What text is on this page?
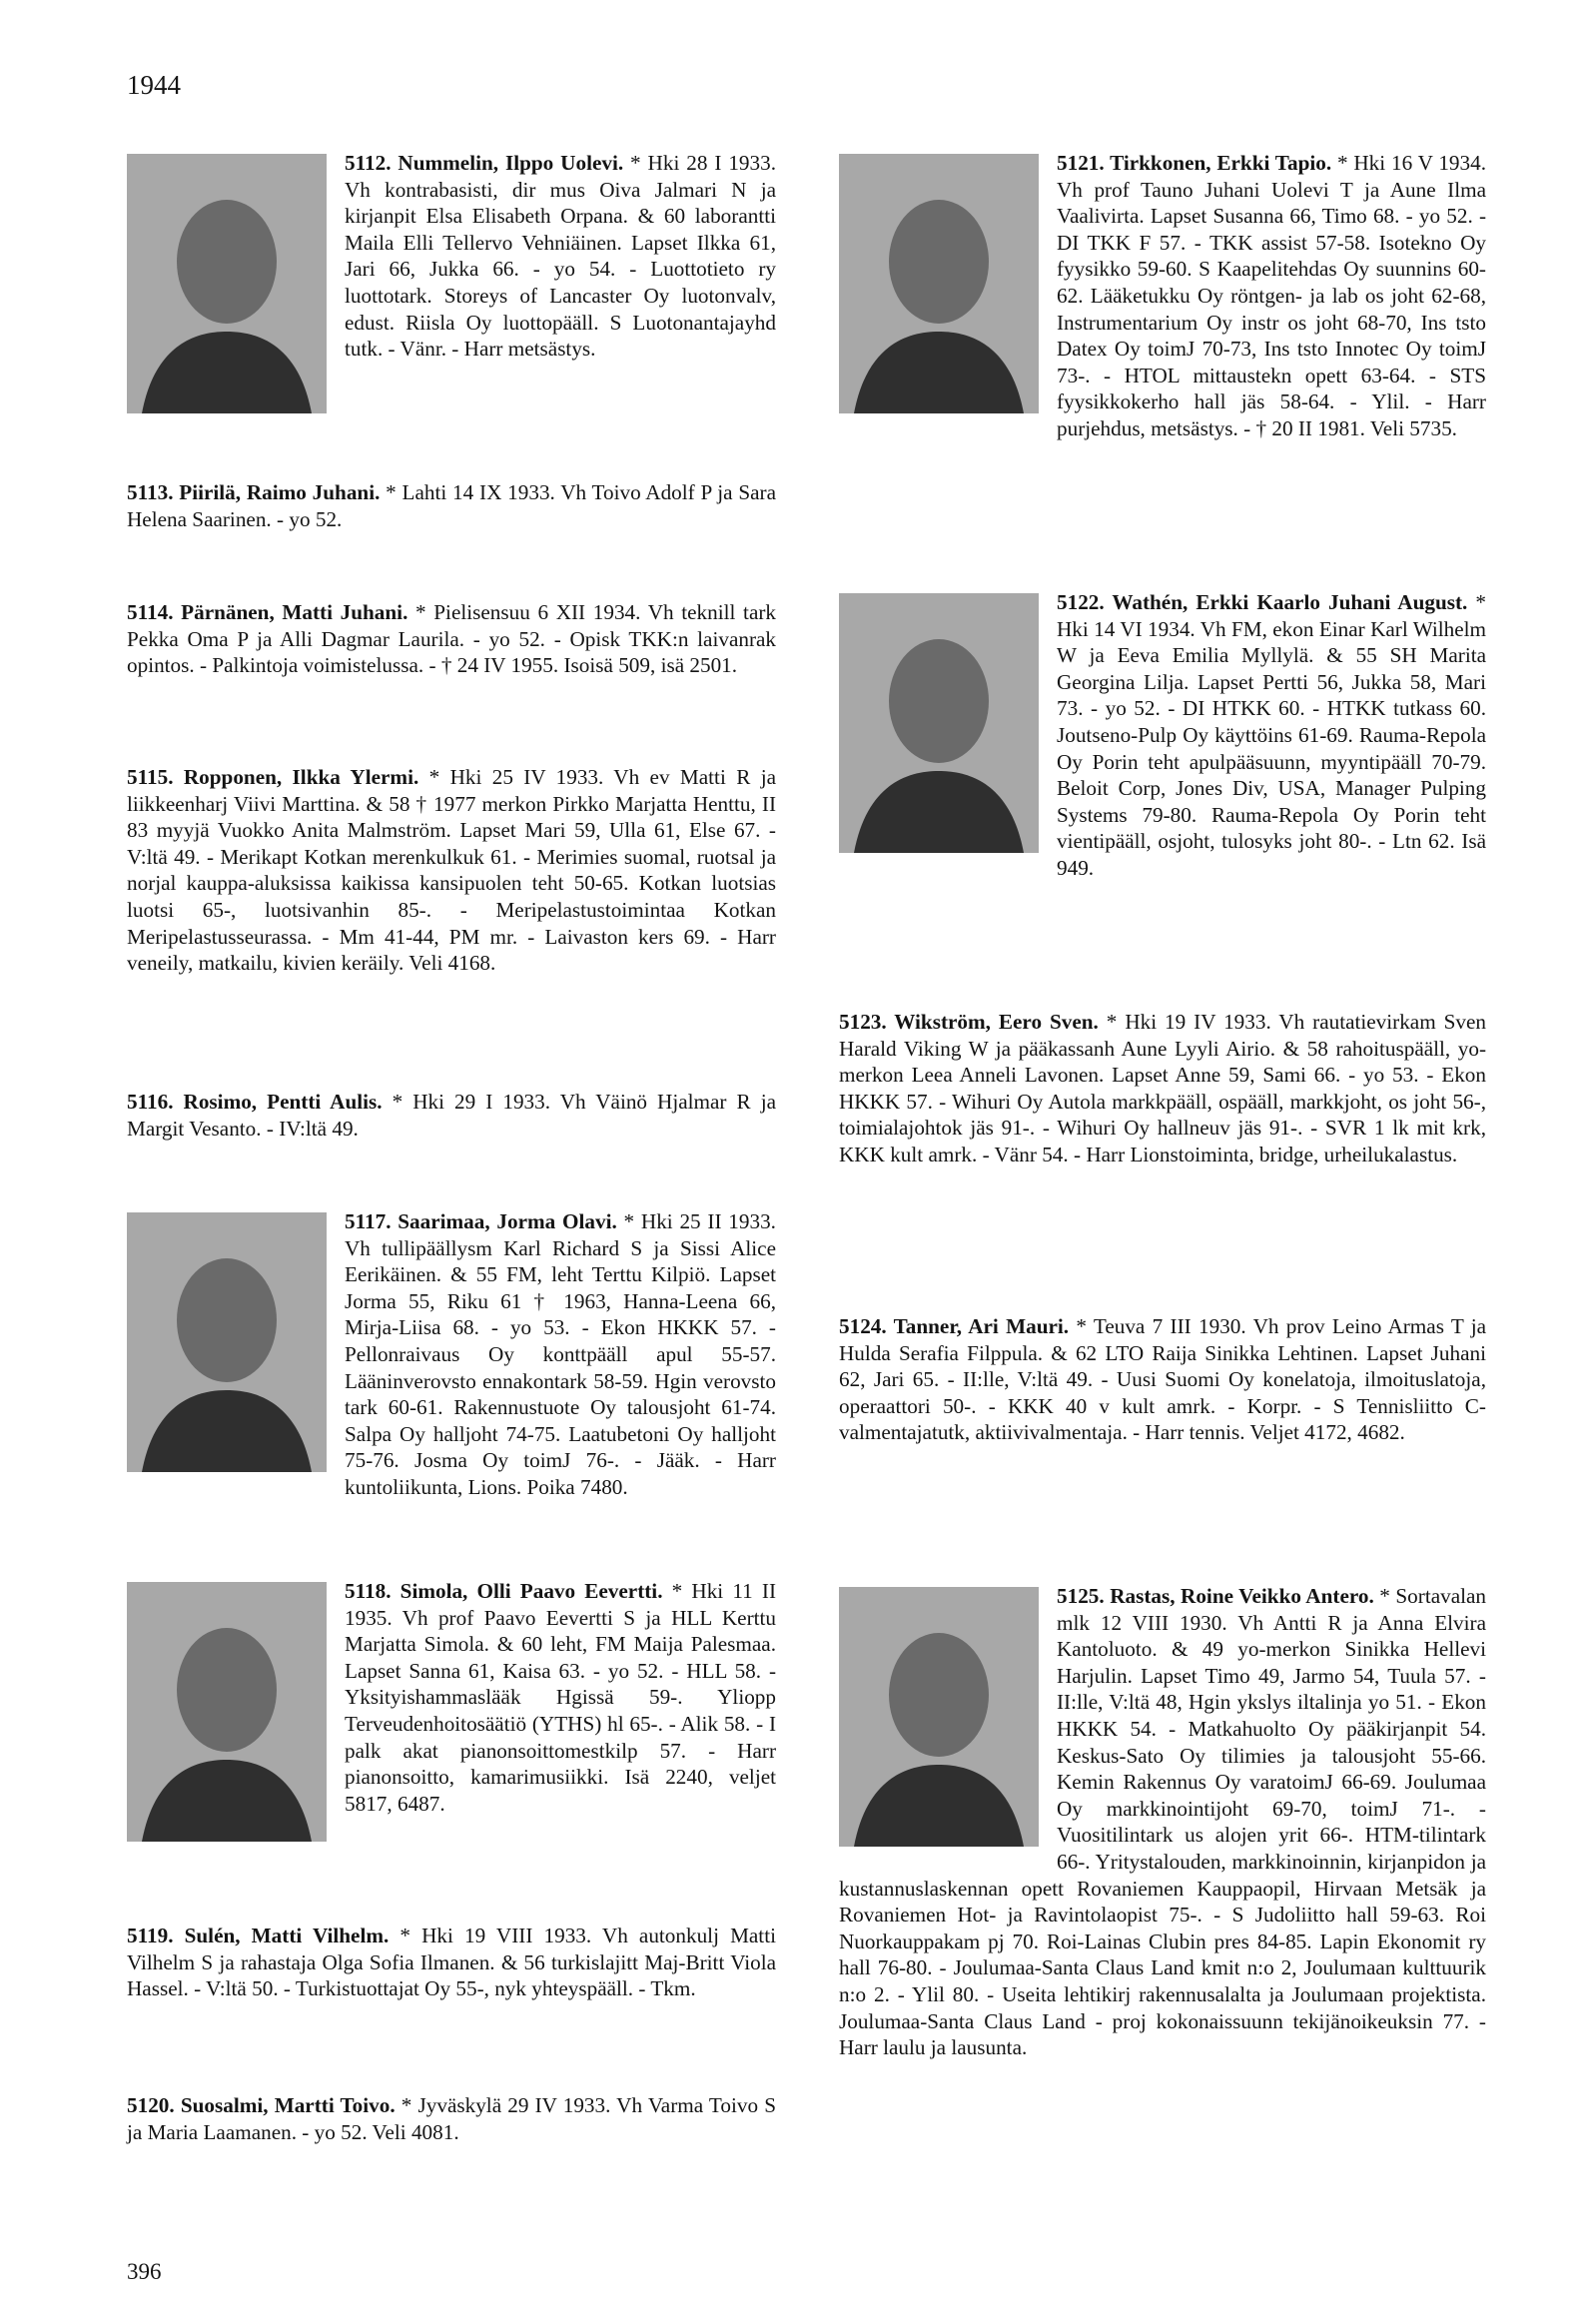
1944
5112. Nummelin, Ilppo Uolevi. * Hki 28 I 1933. Vh kontrabasisti, dir mus Oiva Jalmari N ja kirjanpit Elsa Elisabeth Orpana. & 60 laborantti Maila Elli Tellervo Vehniäinen. Lapset Ilkka 61, Jari 66, Jukka 66. - yo 54. - Luottotieto ry luottotark. Storeys of Lancaster Oy luotonvalv, edust. Riisla Oy luottopääll. S Luotonantajayhd tutk. - Vänr. - Harr metsästys.
5113. Piirilä, Raimo Juhani. * Lahti 14 IX 1933. Vh Toivo Adolf P ja Sara Helena Saarinen. - yo 52.
5114. Pärnänen, Matti Juhani. * Pielisensuu 6 XII 1934. Vh teknill tark Pekka Oma P ja Alli Dagmar Laurila. - yo 52. - Opisk TKK:n laivanrak opintos. - Palkintoja voimistelussa. - † 24 IV 1955. Isoisä 509, isä 2501.
5115. Ropponen, Ilkka Ylermi. * Hki 25 IV 1933. Vh ev Matti R ja liikkeenharj Viivi Marttina. & 58 † 1977 merkon Pirkko Marjatta Henttu, II 83 myyjä Vuokko Anita Malmström. Lapset Mari 59, Ulla 61, Else 67. - V:ltä 49. - Merikapt Kotkan merenkulkuk 61. - Merimies suomal, ruotsal ja norjal kauppa-aluksissa kaikissa kansipuolen teht 50-65. Kotkan luotsias luotsi 65-, luotsivanhin 85-. - Meripelastustoimintaa Kotkan Meripelastusseurassa. - Mm 41-44, PM mr. - Laivaston kers 69. - Harr veneily, matkailu, kivien keräily. Veli 4168.
5116. Rosimo, Pentti Aulis. * Hki 29 I 1933. Vh Väinö Hjalmar R ja Margit Vesanto. - IV:ltä 49.
5117. Saarimaa, Jorma Olavi. * Hki 25 II 1933. Vh tullipäällysm Karl Richard S ja Sissi Alice Eerikäinen. & 55 FM, leht Terttu Kilpiö. Lapset Jorma 55, Riku 61 † 1963, Hanna-Leena 66, Mirja-Liisa 68. - yo 53. - Ekon HKKK 57. - Pellonraivaus Oy konttpääll apul 55-57. Lääninverovsto ennakontark 58-59. Hgin verovsto tark 60-61. Rakennustuote Oy talousjoht 61-74. Salpa Oy halljoht 74-75. Laatubetoni Oy halljoht 75-76. Josma Oy toimJ 76-. - Jääk. - Harr kuntoliikunta, Lions. Poika 7480.
5118. Simola, Olli Paavo Eevertti. * Hki 11 II 1935. Vh prof Paavo Eevertti S ja HLL Kerttu Marjatta Simola. & 60 leht, FM Maija Palesmaa. Lapset Sanna 61, Kaisa 63. - yo 52. - HLL 58. - Yksityishammaslääk Hgissä 59-. Yliopp Terveudenhoitosäätiö (YTHS) hl 65-. - Alik 58. - I palk akat pianonsoittomestkilp 57. - Harr pianonsoitto, kamarimusiikki. Isä 2240, veljet 5817, 6487.
5119. Sulén, Matti Vilhelm. * Hki 19 VIII 1933. Vh autonkulj Matti Vilhelm S ja rahastaja Olga Sofia Ilmanen. & 56 turkislajitt Maj-Britt Viola Hassel. - V:ltä 50. - Turkistuottajat Oy 55-, nyk yhteyspääll. - Tkm.
5120. Suosalmi, Martti Toivo. * Jyväskylä 29 IV 1933. Vh Varma Toivo S ja Maria Laamanen. - yo 52. Veli 4081.
5121. Tirkkonen, Erkki Tapio. * Hki 16 V 1934. Vh prof Tauno Juhani Uolevi T ja Aune Ilma Vaalivirta. Lapset Susanna 66, Timo 68. - yo 52. - DI TKK F 57. - TKK assist 57-58. Isotekno Oy fyysikko 59-60. S Kaapelitehdas Oy suunnins 60-62. Lääketukku Oy röntgen- ja lab os joht 62-68, Instrumentarium Oy instr os joht 68-70, Ins tsto Datex Oy toimJ 70-73, Ins tsto Innotec Oy toimJ 73-. - HTOL mittaustekn opett 63-64. - STS fyysikkokerho hall jäs 58-64. - Ylil. - Harr purjehdus, metsästys. - † 20 II 1981. Veli 5735.
5122. Wathén, Erkki Kaarlo Juhani August. * Hki 14 VI 1934. Vh FM, ekon Einar Karl Wilhelm W ja Eeva Emilia Myllylä. & 55 SH Marita Georgina Lilja. Lapset Pertti 56, Jukka 58, Mari 73. - yo 52. - DI HTKK 60. - HTKK tutkass 60. Joutseno-Pulp Oy käyttöins 61-69. Rauma-Repola Oy Porin teht apulpääsuunn, myyntipääll 70-79. Beloit Corp, Jones Div, USA, Manager Pulping Systems 79-80. Rauma-Repola Oy Porin teht vientipääll, osjoht, tulosyks joht 80-. - Ltn 62. Isä 949.
5123. Wikström, Eero Sven. * Hki 19 IV 1933. Vh rautatievirkam Sven Harald Viking W ja pääkassanh Aune Lyyli Airio. & 58 rahoituspääll, yo-merkon Leea Anneli Lavonen. Lapset Anne 59, Sami 66. - yo 53. - Ekon HKKK 57. - Wihuri Oy Autola markkpääll, ospääll, markkjoht, os joht 56-, toimialajohtok jäs 91-. - Wihuri Oy hallneuv jäs 91-. - SVR 1 lk mit krk, KKK kult amrk. - Vänr 54. - Harr Lionstoiminta, bridge, urheilukalastus.
5124. Tanner, Ari Mauri. * Teuva 7 III 1930. Vh prov Leino Armas T ja Hulda Serafia Filppula. & 62 LTO Raija Sinikka Lehtinen. Lapset Juhani 62, Jari 65. - II:lle, V:ltä 49. - Uusi Suomi Oy konelatoja, ilmoituslatoja, operaattori 50-. - KKK 40 v kult amrk. - Korpr. - S Tennisliitto C-valmentajatutk, aktiivivalmentaja. - Harr tennis. Veljet 4172, 4682.
5125. Rastas, Roine Veikko Antero. * Sortavalan mlk 12 VIII 1930. Vh Antti R ja Anna Elvira Kantoluoto. & 49 yo-merkon Sinikka Hellevi Harjulin. Lapset Timo 49, Jarmo 54, Tuula 57. - II:lle, V:ltä 48, Hgin ykslys iltalinja yo 51. - Ekon HKKK 54. - Matkahuolto Oy pääkirjanpit 54. Keskus-Sato Oy tilimies ja talousjoht 55-66. Kemin Rakennus Oy varatoimJ 66-69. Joulumaa Oy markkinointijoht 69-70, toimJ 71-. - Vuositilintark us alojen yrit 66-. HTM-tilintark 66-. Yritystalouden, markkinoinnin, kirjanpidon ja kustannuslaskennan opett Rovaniemen Kauppaopil, Hirvaan Metsäk ja Rovaniemen Hot- ja Ravintolaopist 75-. - S Judoliitto hall 59-63. Roi Nuorkauppakam pj 70. Roi-Lainas Clubin pres 84-85. Lapin Ekonomit ry hall 76-80. - Joulumaa-Santa Claus Land kmit n:o 2, Joulumaan kulttuurik n:o 2. - Ylil 80. - Useita lehtikirj rakennusalalta ja Joulumaan projektista. Joulumaa-Santa Claus Land - proj kokonaissuunn tekijänoikeuksin 77. - Harr laulu ja lausunta.
396
